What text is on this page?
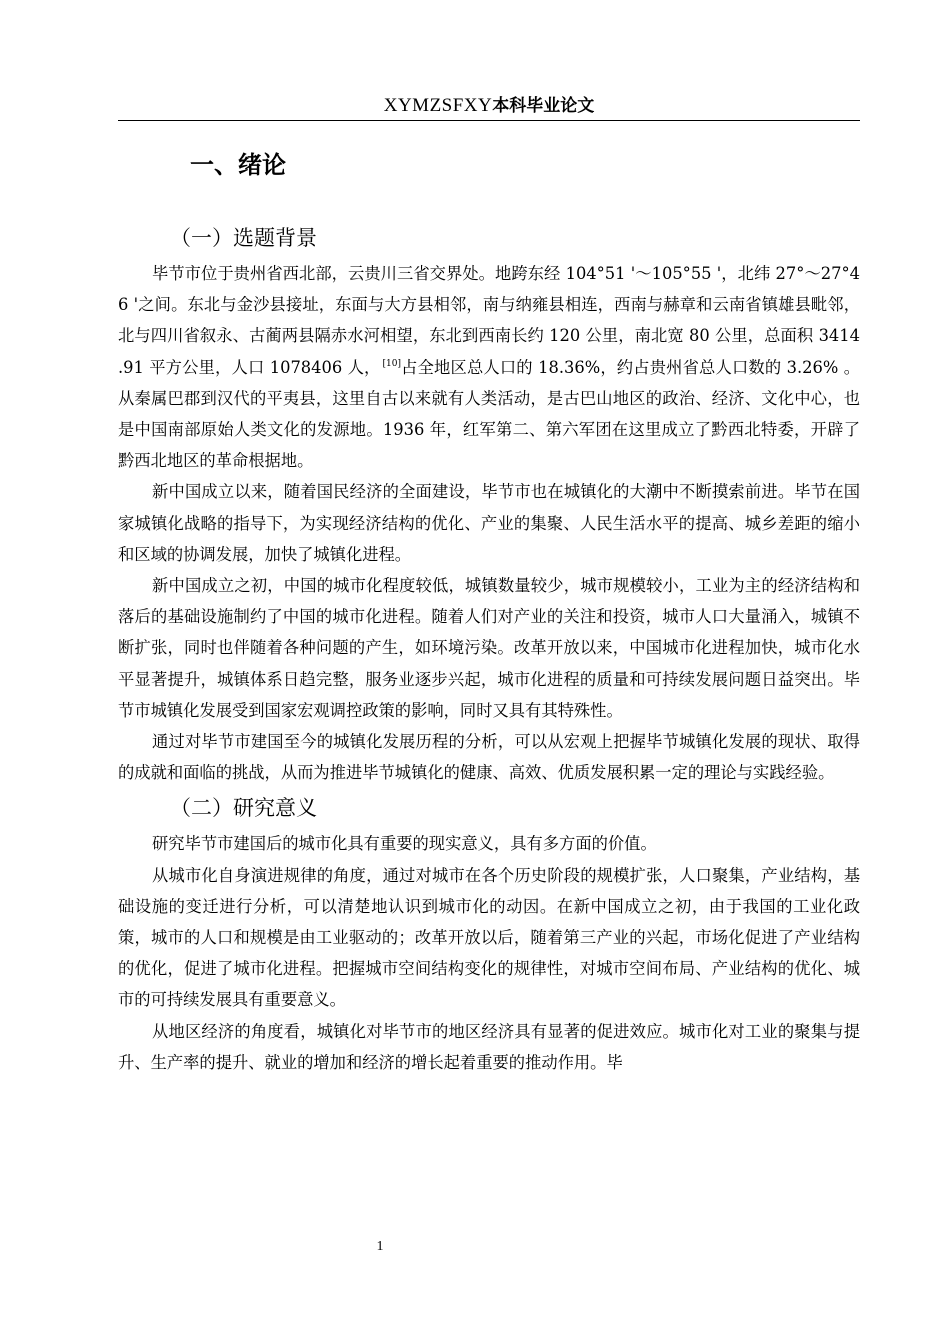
XYMZSFXY本科毕业论文
一、绪论
（一）选题背景

毕节市位于贵州省西北部，云贵川三省交界处。地跨东经 104°51 '～105°55 '，北纬 27°～27°46 '之间。东北与金沙县接址，东面与大方县相邻，南与纳雍县相连，西南与赫章和云南省镇雄县毗邻，北与四川省叙永、古蔺两县隔赤水河相望，东北到西南长约 120 公里，南北宽 80 公里，总面积 3414 .91 平方公里，人口 1078406 人， [10]占全地区总人口的 18.36%，约占贵州省总人口数的 3.26% 。从秦属巴郡到汉代的平夷县，这里自古以来就有人类活动，是古巴山地区的政治、经济、文化中心，也是中国南部原始人类文化的发源地。1936 年，红军第二、第六军团在这里成立了黔西北特委，开辟了黔西北地区的革命根据地。

新中国成立以来，随着国民经济的全面建设，毕节市也在城镇化的大潮中不断摸索前进。毕节在国家城镇化战略的指导下，为实现经济结构的优化、产业的集聚、人民生活水平的提高、城乡差距的缩小和区域的协调发展，加快了城镇化进程。

新中国成立之初，中国的城市化程度较低，城镇数量较少，城市规模较小，工业为主的经济结构和落后的基础设施制约了中国的城市化进程。随着人们对产业的关注和投资，城市人口大量涌入，城镇不断扩张，同时也伴随着各种问题的产生，如环境污染。改革开放以来，中国城市化进程加快，城市化水平显著提升，城镇体系日趋完整，服务业逐步兴起，城市化进程的质量和可持续发展问题日益突出。毕节市城镇化发展受到国家宏观调控政策的影响，同时又具有其特殊性。

通过对毕节市建国至今的城镇化发展历程的分析，可以从宏观上把握毕节城镇化发展的现状、取得的成就和面临的挑战，从而为推进毕节城镇化的健康、高效、优质发展积累一定的理论与实践经验。

（二）研究意义

研究毕节市建国后的城市化具有重要的现实意义，具有多方面的价值。

从城市化自身演进规律的角度，通过对城市在各个历史阶段的规模扩张，人口聚集，产业结构，基础设施的变迁进行分析，可以清楚地认识到城市化的动因。在新中国成立之初，由于我国的工业化政策，城市的人口和规模是由工业驱动的；改革开放以后，随着第三产业的兴起，市场化促进了产业结构的优化，促进了城市化进程。把握城市空间结构变化的规律性，对城市空间布局、产业结构的优化、城市的可持续发展具有重要意义。

从地区经济的角度看，城镇化对毕节市的地区经济具有显著的促进效应。城市化对工业的聚集与提升、生产率的提升、就业的增加和经济的增长起着重要的推动作用。毕

1
